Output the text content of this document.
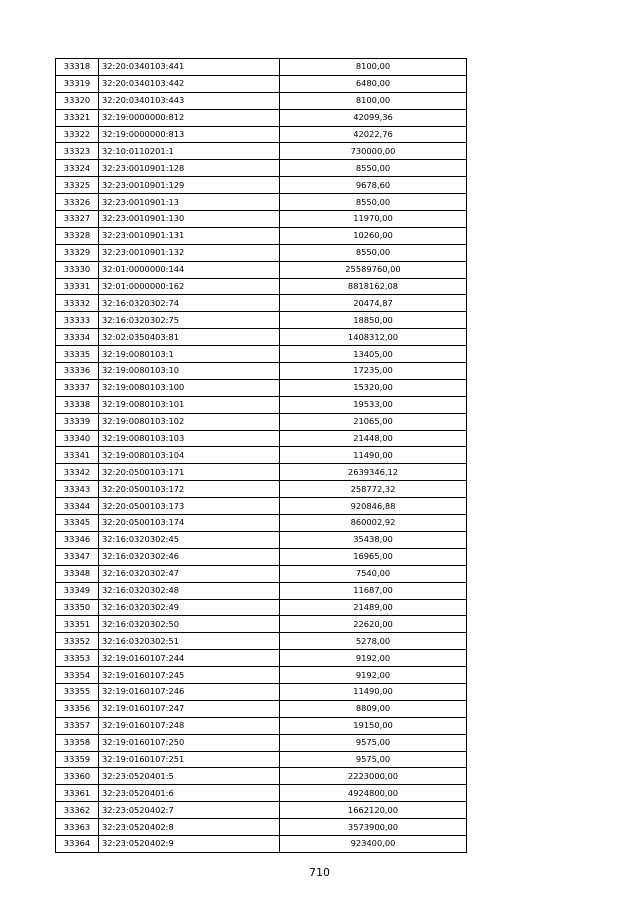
33318	32:20:0340103:441	8100,00
33319	32:20:0340103:442	6480,00
33320	32:20:0340103:443	8100,00
33321	32:19:0000000:812	42099,36
33322	32:19:0000000:813	42022,76
33323	32:10:0110201:1	730000,00
33324	32:23:0010901:128	8550,00
33325	32:23:0010901:129	9678,60
33326	32:23:0010901:13	8550,00
33327	32:23:0010901:130	11970,00
33328	32:23:0010901:131	10260,00
33329	32:23:0010901:132	8550,00
33330	32:01:0000000:144	25589760,00
33331	32:01:0000000:162	8818162,08
33332	32:16:0320302:74	20474,87
33333	32:16:0320302:75	18850,00
33334	32:02:0350403:81	1408312,00
33335	32:19:0080103:1	13405,00
33336	32:19:0080103:10	17235,00
33337	32:19:0080103:100	15320,00
33338	32:19:0080103:101	19533,00
33339	32:19:0080103:102	21065,00
33340	32:19:0080103:103	21448,00
33341	32:19:0080103:104	11490,00
33342	32:20:0500103:171	2639346,12
33343	32:20:0500103:172	258772,32
33344	32:20:0500103:173	920846,88
33345	32:20:0500103:174	860002,92
33346	32:16:0320302:45	35438,00
33347	32:16:0320302:46	16965,00
33348	32:16:0320302:47	7540,00
33349	32:16:0320302:48	11687,00
33350	32:16:0320302:49	21489,00
33351	32:16:0320302:50	22620,00
33352	32:16:0320302:51	5278,00
33353	32:19:0160107:244	9192,00
33354	32:19:0160107:245	9192,00
33355	32:19:0160107:246	11490,00
33356	32:19:0160107:247	8809,00
33357	32:19:0160107:248	19150,00
33358	32:19:0160107:250	9575,00
33359	32:19:0160107:251	9575,00
33360	32:23:0520401:5	2223000,00
33361	32:23:0520401:6	4924800,00
33362	32:23:0520402:7	1662120,00
33363	32:23:0520402:8	3573900,00
33364	32:23:0520402:9	923400,00
710
